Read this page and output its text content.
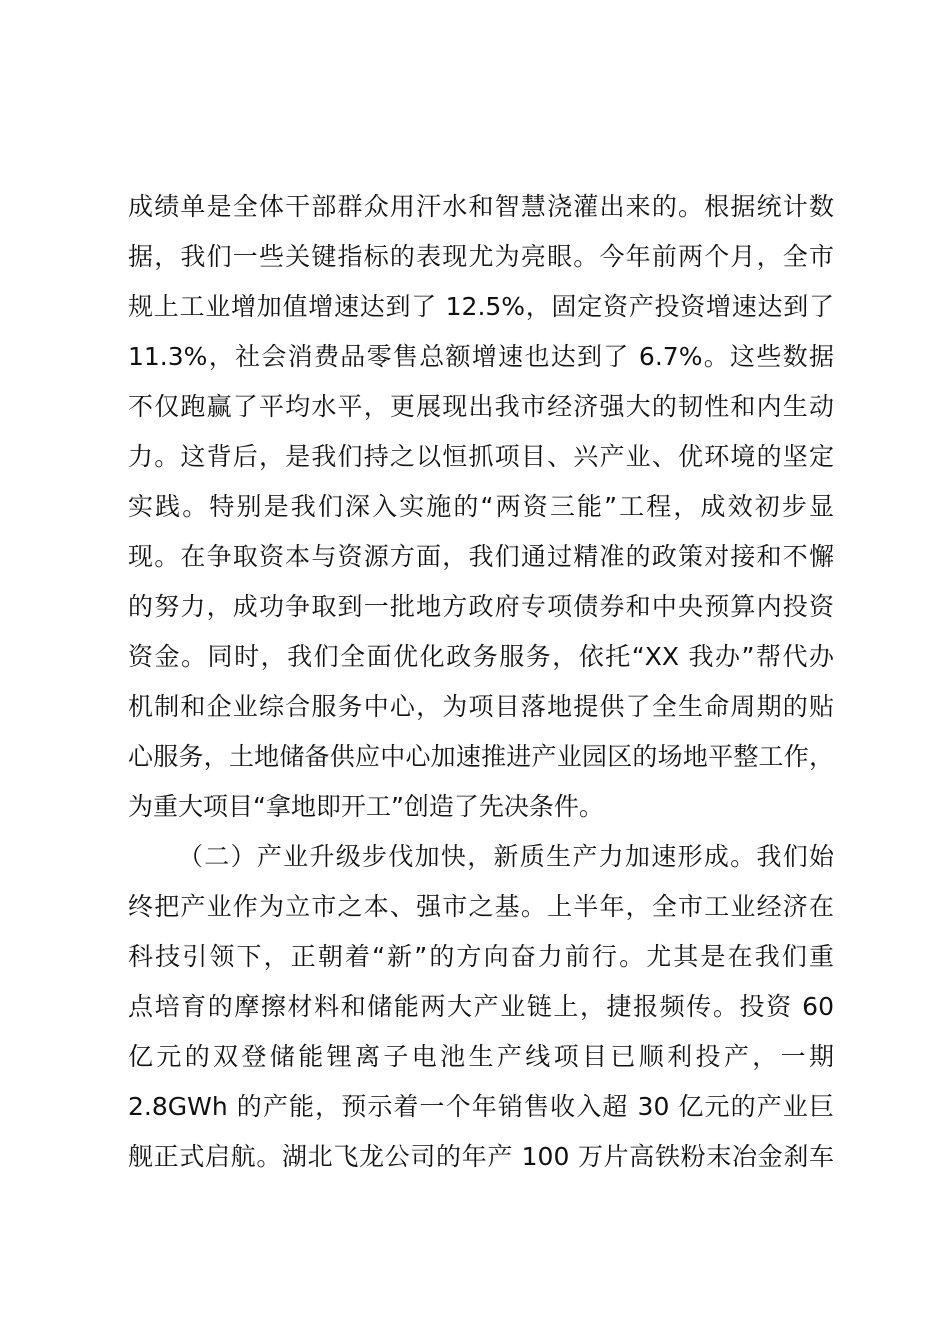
成绩单是全体干部群众用汗水和智慧浇灌出来的。根据统计数
据，我们一些关键指标的表现尤为亮眼。今年前两个月，全市
规上工业增加值增速达到了 12.5%，固定资产投资增速达到了
11.3%，社会消费品零售总额增速也达到了 6.7%。这些数据
不仅跑赢了平均水平，更展现出我市经济强大的韧性和内生动
力。这背后，是我们持之以恒抓项目、兴产业、优环境的坚定
实践。特别是我们深入实施的“两资三能”工程，成效初步显
现。在争取资本与资源方面，我们通过精准的政策对接和不懈
的努力，成功争取到一批地方政府专项债券和中央预算内投资
资金。同时，我们全面优化政务服务，依托“XX 我办”帮代办
机制和企业综合服务中心，为项目落地提供了全生命周期的贴
心服务，土地储备供应中心加速推进产业园区的场地平整工作，
为重大项目“拿地即开工”创造了先决条件。
（二）产业升级步伐加快，新质生产力加速形成。我们始
终把产业作为立市之本、强市之基。上半年，全市工业经济在
科技引领下，正朝着“新”的方向奋力前行。尤其是在我们重
点培育的摩擦材料和储能两大产业链上，捷报频传。投资 60
亿元的双登储能锂离子电池生产线项目已顺利投产，一期
2.8GWh 的产能，预示着一个年销售收入超 30 亿元的产业巨
舰正式启航。湖北飞龙公司的年产 100 万片高铁粉末冶金刹车
